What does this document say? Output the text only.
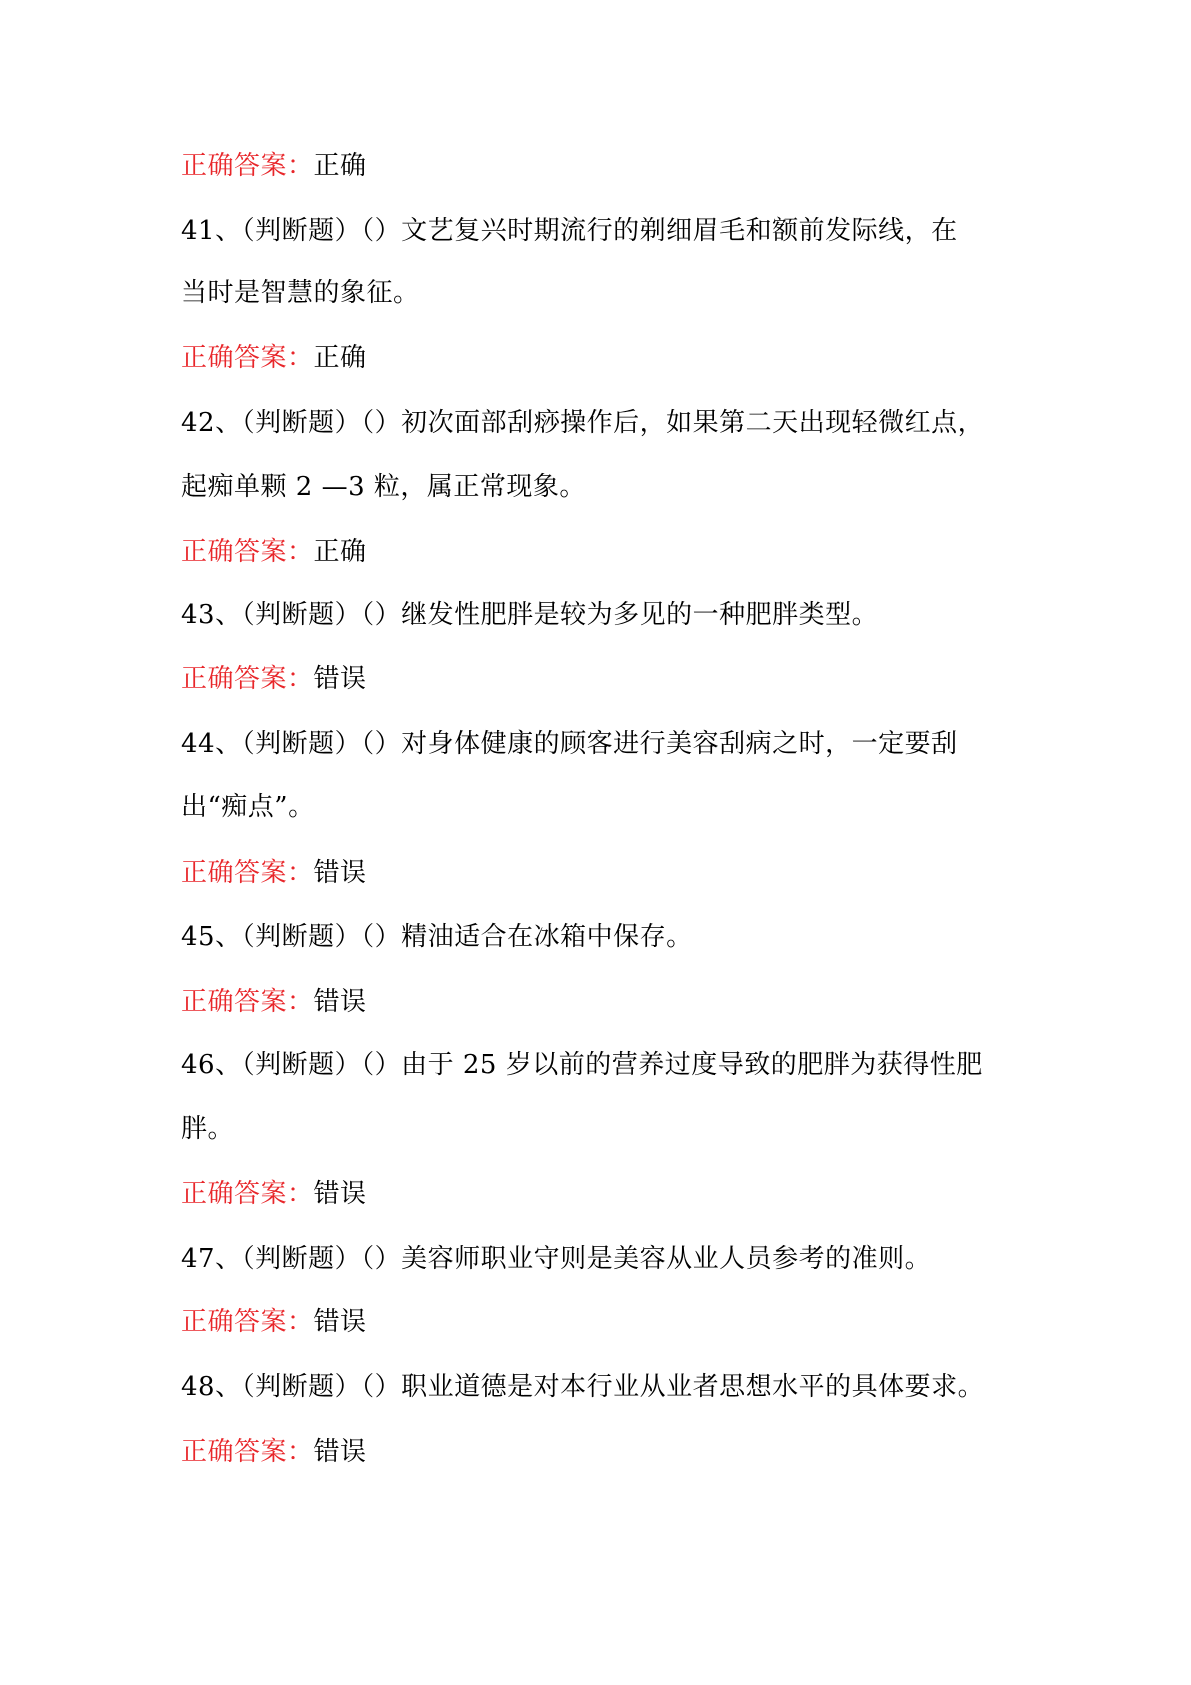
正确答案：正确
41、（判断题）（）文艺复兴时期流行的剃细眉毛和额前发际线，在
当时是智慧的象征。
正确答案：正确
42、（判断题）（）初次面部刮痧操作后，如果第二天出现轻微红点，
起痴单颗 2 —3 粒，属正常现象。
正确答案：正确
43、（判断题）（）继发性肥胖是较为多见的一种肥胖类型。
正确答案：错误
44、（判断题）（）对身体健康的顾客进行美容刮病之时，一定要刮
出“痴点”。
正确答案：错误
45、（判断题）（）精油适合在冰箱中保存。
正确答案：错误
46、（判断题）（）由于 25 岁以前的营养过度导致的肥胖为获得性肥
胖。
正确答案：错误
47、（判断题）（）美容师职业守则是美容从业人员参考的准则。
正确答案：错误
48、（判断题）（）职业道德是对本行业从业者思想水平的具体要求。
正确答案：错误
